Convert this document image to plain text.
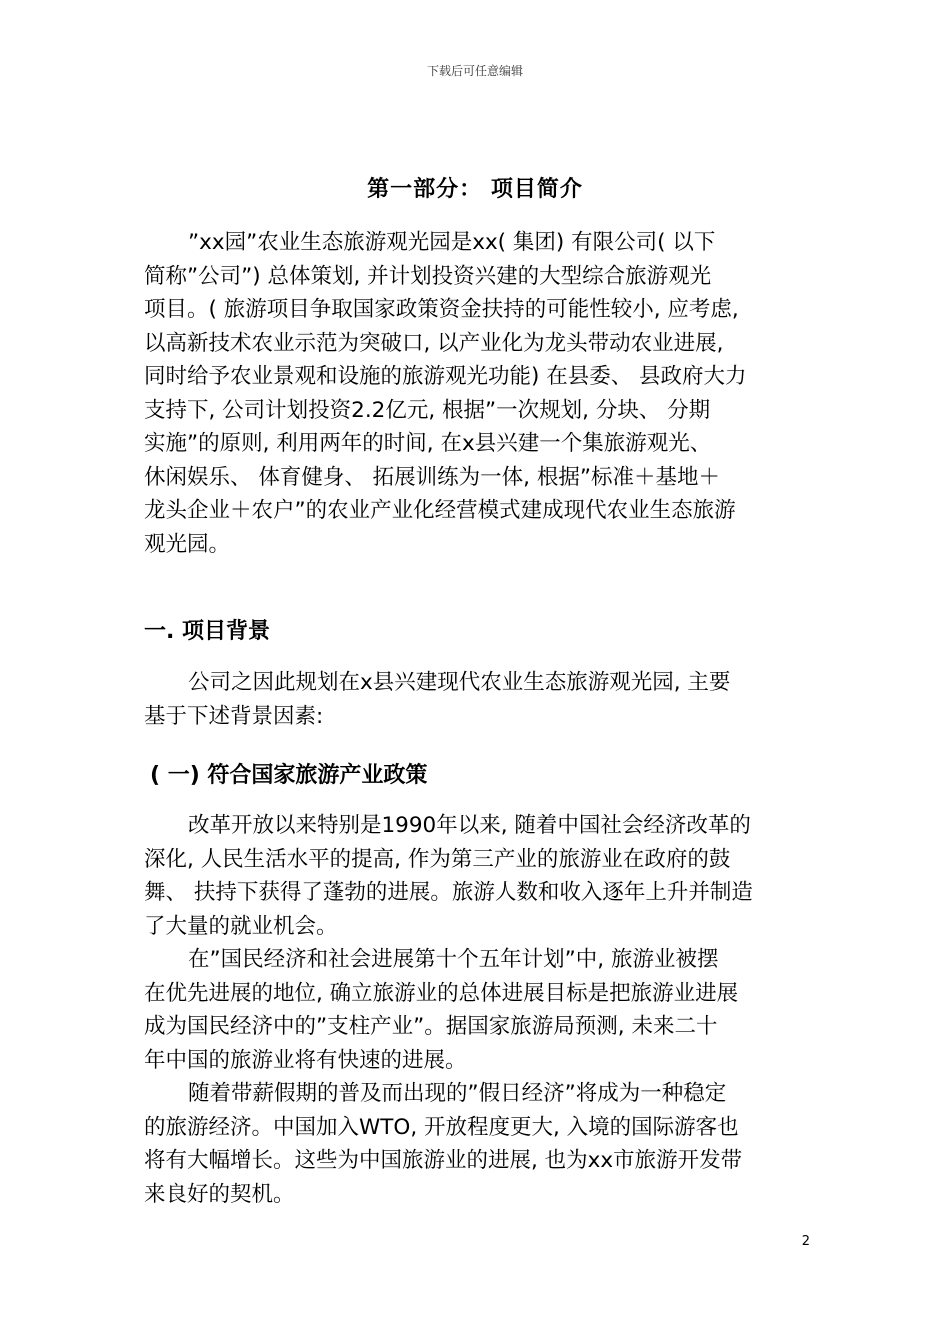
下载后可任意编辑
第一部分： 项目简介
”xx园”农业生态旅游观光园是xx( 集团) 有限公司( 以下
简称”公司”) 总体策划, 并计划投资兴建的大型综合旅游观光
项目。( 旅游项目争取国家政策资金扶持的可能性较小, 应考虑,
以高新技术农业示范为突破口, 以产业化为龙头带动农业进展,
同时给予农业景观和设施的旅游观光功能) 在县委、 县政府大力
支持下, 公司计划投资2.2亿元, 根据”一次规划, 分块、 分期
实施”的原则, 利用两年的时间, 在x县兴建一个集旅游观光、
休闲娱乐、 体育健身、 拓展训练为一体, 根据”标准＋基地＋
龙头企业＋农户”的农业产业化经营模式建成现代农业生态旅游
观光园。
一. 项目背景
公司之因此规划在x县兴建现代农业生态旅游观光园, 主要
基于下述背景因素:
( 一) 符合国家旅游产业政策
改革开放以来特别是1990年以来, 随着中国社会经济改革的
深化, 人民生活水平的提高, 作为第三产业的旅游业在政府的鼓
舞、 扶持下获得了蓬勃的进展。旅游人数和收入逐年上升并制造
了大量的就业机会。
在”国民经济和社会进展第十个五年计划”中, 旅游业被摆
在优先进展的地位, 确立旅游业的总体进展目标是把旅游业进展
成为国民经济中的”支柱产业”。据国家旅游局预测, 未来二十
年中国的旅游业将有快速的进展。
随着带薪假期的普及而出现的”假日经济”将成为一种稳定
的旅游经济。中国加入WTO, 开放程度更大, 入境的国际游客也
将有大幅增长。这些为中国旅游业的进展, 也为xx市旅游开发带
来良好的契机。
2
